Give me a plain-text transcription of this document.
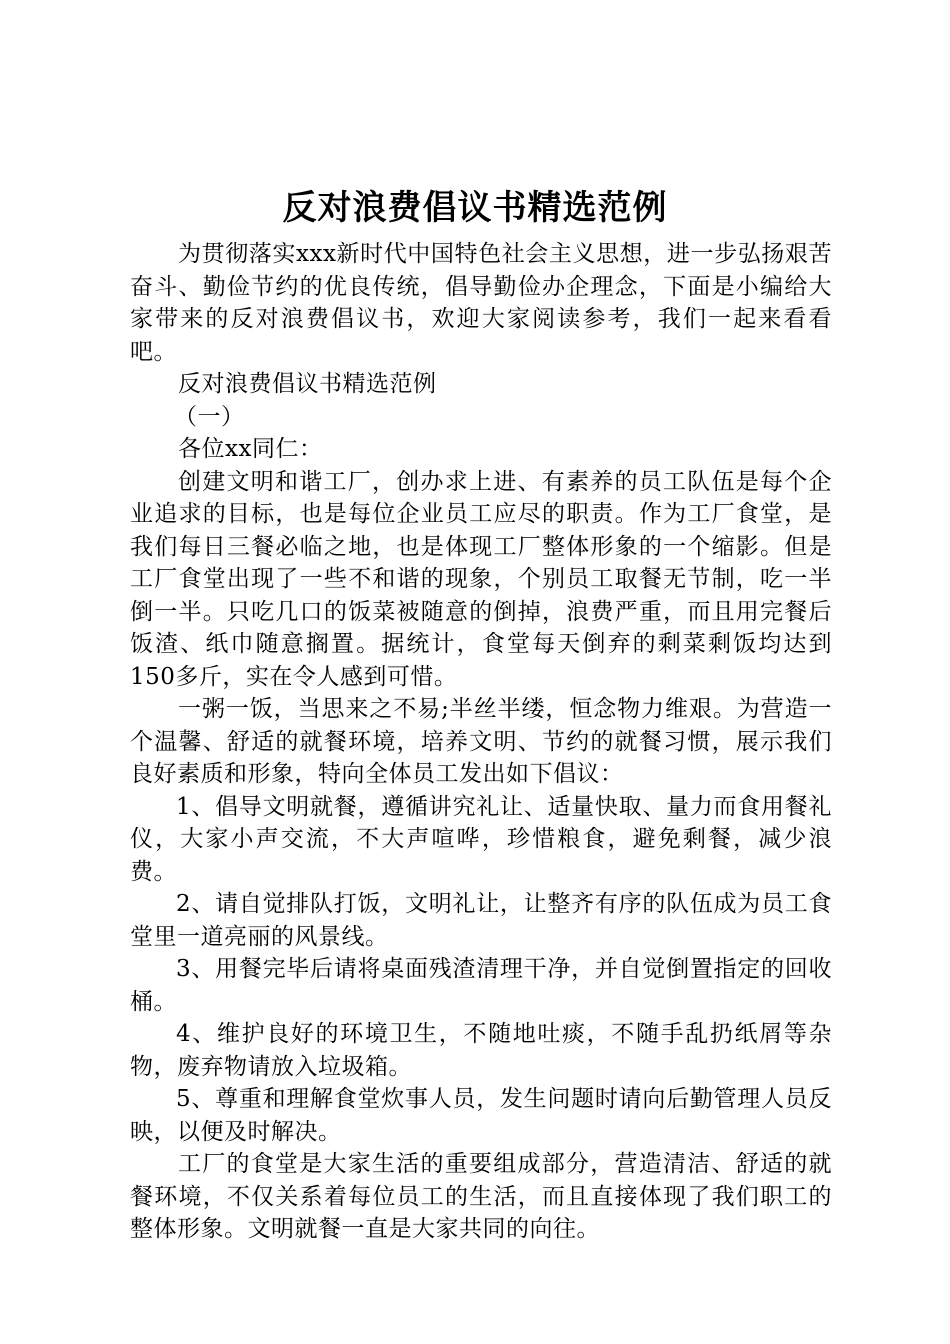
反对浪费倡议书精选范例

为贯彻落实xxx新时代中国特色社会主义思想，进一步弘扬艰苦奋斗、勤俭节约的优良传统，倡导勤俭办企理念，下面是小编给大家带来的反对浪费倡议书，欢迎大家阅读参考，我们一起来看看吧。

反对浪费倡议书精选范例

（一）

各位xx同仁：

创建文明和谐工厂，创办求上进、有素养的员工队伍是每个企业追求的目标，也是每位企业员工应尽的职责。作为工厂食堂，是我们每日三餐必临之地，也是体现工厂整体形象的一个缩影。但是工厂食堂出现了一些不和谐的现象，个别员工取餐无节制，吃一半倒一半。只吃几口的饭菜被随意的倒掉，浪费严重，而且用完餐后饭渣、纸巾随意搁置。据统计，食堂每天倒弃的剩菜剩饭均达到150多斤，实在令人感到可惜。

一粥一饭，当思来之不易;半丝半缕，恒念物力维艰。为营造一个温馨、舒适的就餐环境，培养文明、节约的就餐习惯，展示我们良好素质和形象，特向全体员工发出如下倡议：

1、倡导文明就餐，遵循讲究礼让、适量快取、量力而食用餐礼仪，大家小声交流，不大声喧哗，珍惜粮食，避免剩餐，减少浪费。

2、请自觉排队打饭，文明礼让，让整齐有序的队伍成为员工食堂里一道亮丽的风景线。

3、用餐完毕后请将桌面残渣清理干净，并自觉倒置指定的回收桶。

4、维护良好的环境卫生，不随地吐痰，不随手乱扔纸屑等杂物，废弃物请放入垃圾箱。

5、尊重和理解食堂炊事人员，发生问题时请向后勤管理人员反映，以便及时解决。

工厂的食堂是大家生活的重要组成部分，营造清洁、舒适的就餐环境，不仅关系着每位员工的生活，而且直接体现了我们职工的整体形象。文明就餐一直是大家共同的向往。
